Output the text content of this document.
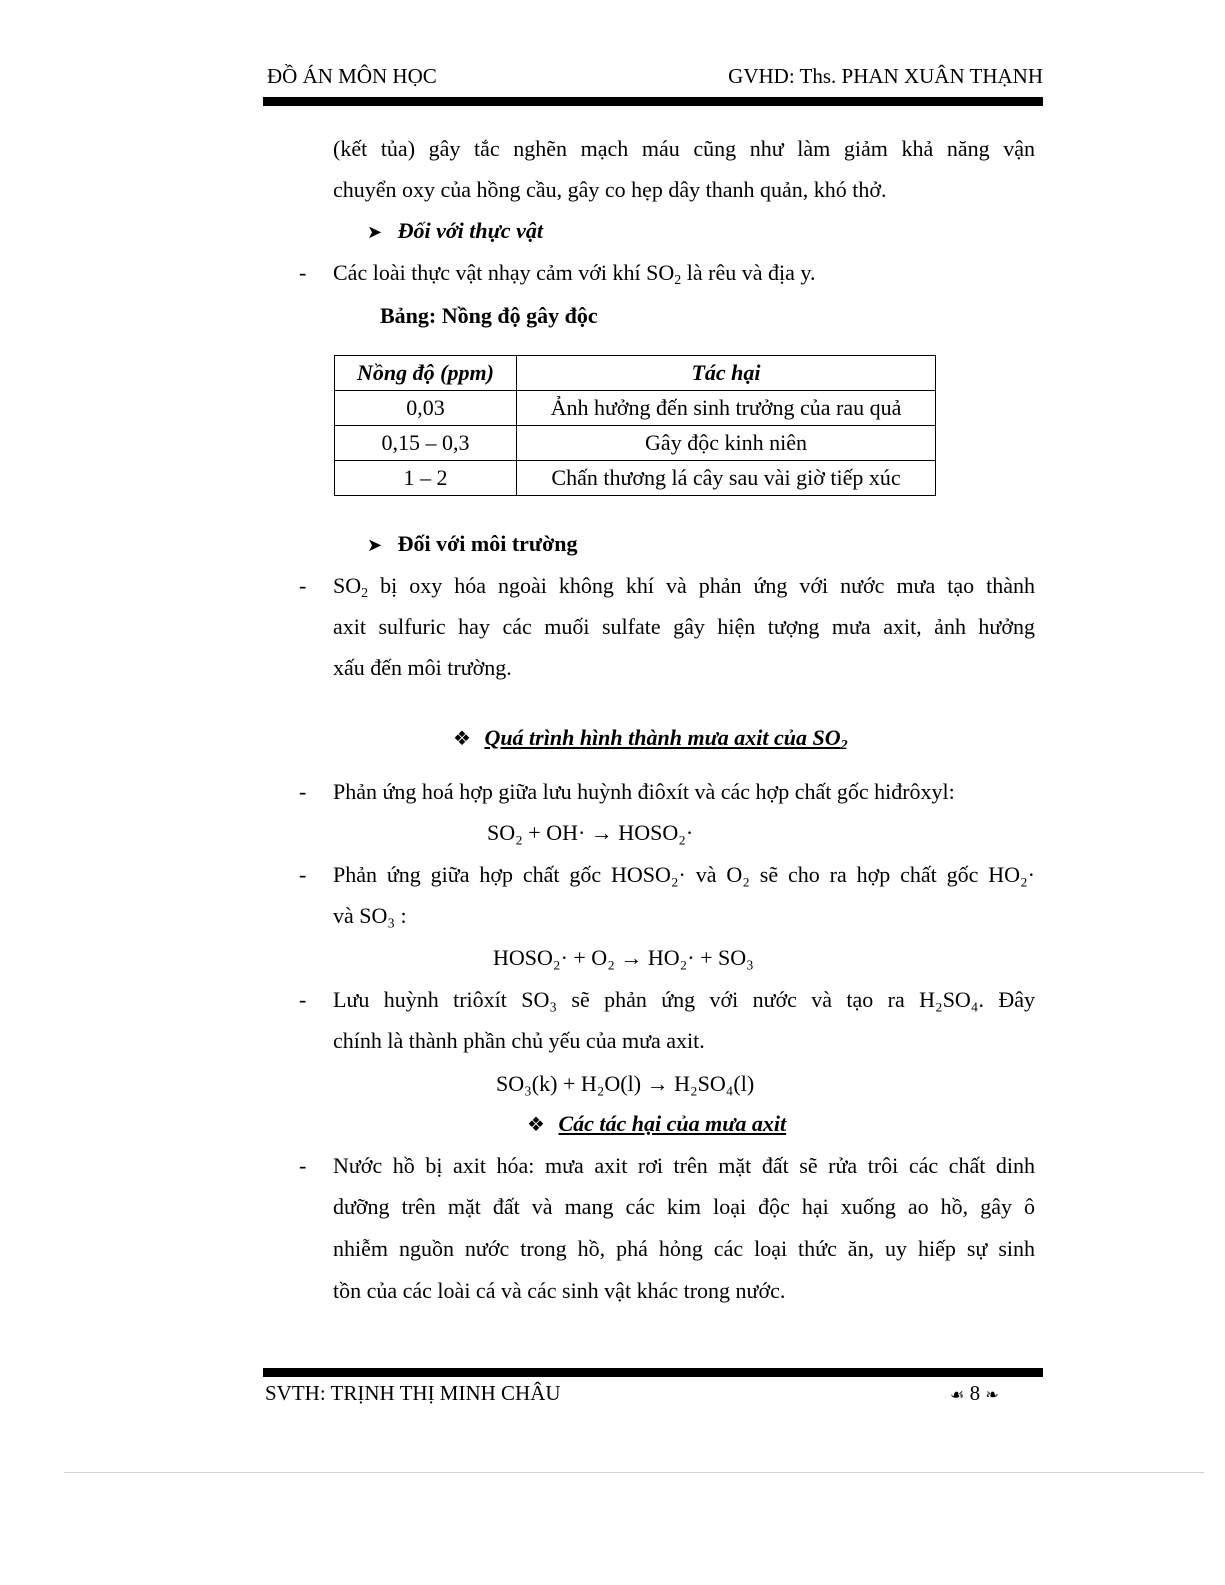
ĐỒ ÁN MÔN HỌC	GVHD: Ths. PHAN XUÂN THẠNH
(kết tủa) gây tắc nghẽn mạch máu cũng như làm giảm khả năng vận
chuyển oxy của hồng cầu, gây co hẹp dây thanh quản, khó thở.
➤ Đối với thực vật
- Các loài thực vật nhạy cảm với khí $SO_2$ là rêu và địa y.
Bảng: Nồng độ gây độc
Nồng độ (ppm)	Tác hại
0,03	Ảnh hưởng đến sinh trưởng của rau quả
0,15 – 0,3	Gây độc kinh niên
1 – 2	Chấn thương lá cây sau vài giờ tiếp xúc
➤ Đối với môi trường
- $SO_2$ bị oxy hóa ngoài không khí và phản ứng với nước mưa tạo thành
axit sulfuric hay các muối sulfate gây hiện tượng mưa axit, ảnh hưởng
xấu đến môi trường.
❖ Quá trình hình thành mưa axit của $SO_2$
- Phản ứng hoá hợp giữa lưu huỳnh điôxít và các hợp chất gốc hiđrôxyl:
SO₂ + OH· → HOSO₂·
- Phản ứng giữa hợp chất gốc HOSO₂· và O₂ sẽ cho ra hợp chất gốc HO₂·
và SO₃ :
HOSO₂· + O₂ → HO₂· + SO₃
- Lưu huỳnh triôxít SO₃ sẽ phản ứng với nước và tạo ra H₂SO₄. Đây
chính là thành phần chủ yếu của mưa axit.
SO₃(k) + H₂O(l) → H₂SO₄(l)
❖ Các tác hại của mưa axit
- Nước hồ bị axit hóa: mưa axit rơi trên mặt đất sẽ rửa trôi các chất dinh
dưỡng trên mặt đất và mang các kim loại độc hại xuống ao hồ, gây ô
nhiễm nguồn nước trong hồ, phá hỏng các loại thức ăn, uy hiếp sự sinh
tồn của các loài cá và các sinh vật khác trong nước.
SVTH: TRỊNH THỊ MINH CHÂU	☙ 8 ❧
